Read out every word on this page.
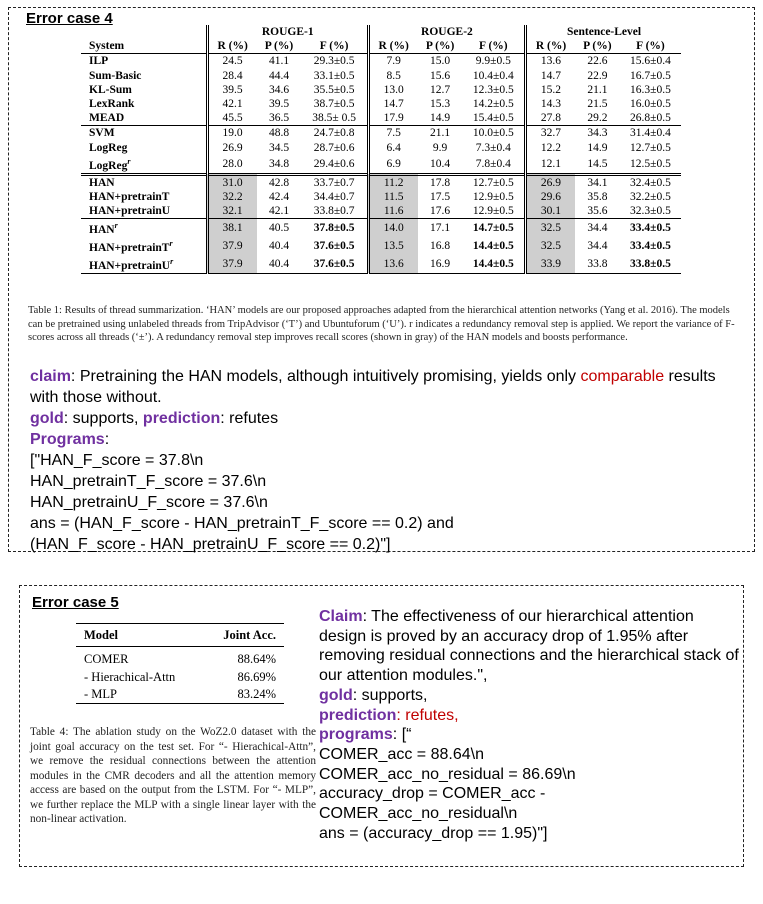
Error case 4
	ROUGE-1			ROUGE-2			Sentence-Level		
System	R (%)	P (%)	F (%)	R (%)	P (%)	F (%)	R (%)	P (%)	F (%)
ILP	24.5	41.1	29.3±0.5	7.9	15.0	9.9±0.5	13.6	22.6	15.6±0.4
Sum-Basic	28.4	44.4	33.1±0.5	8.5	15.6	10.4±0.4	14.7	22.9	16.7±0.5
KL-Sum	39.5	34.6	35.5±0.5	13.0	12.7	12.3±0.5	15.2	21.1	16.3±0.5
LexRank	42.1	39.5	38.7±0.5	14.7	15.3	14.2±0.5	14.3	21.5	16.0±0.5
MEAD	45.5	36.5	38.5± 0.5	17.9	14.9	15.4±0.5	27.8	29.2	26.8±0.5
SVM	19.0	48.8	24.7±0.8	7.5	21.1	10.0±0.5	32.7	34.3	31.4±0.4
LogReg	26.9	34.5	28.7±0.6	6.4	9.9	7.3±0.4	12.2	14.9	12.7±0.5
LogReg$^r$	28.0	34.8	29.4±0.6	6.9	10.4	7.8±0.4	12.1	14.5	12.5±0.5
HAN	31.0	42.8	33.7±0.7	11.2	17.8	12.7±0.5	26.9	34.1	32.4±0.5
HAN+pretrainT	32.2	42.4	34.4±0.7	11.5	17.5	12.9±0.5	29.6	35.8	32.2±0.5
HAN+pretrainU	32.1	42.1	33.8±0.7	11.6	17.6	12.9±0.5	30.1	35.6	32.3±0.5
HAN$^r$	38.1	40.5	37.8±0.5	14.0	17.1	14.7±0.5	32.5	34.4	33.4±0.5
HAN+pretrainT$^r$	37.9	40.4	37.6±0.5	13.5	16.8	14.4±0.5	32.5	34.4	33.4±0.5
HAN+pretrainU$^r$	37.9	40.4	37.6±0.5	13.6	16.9	14.4±0.5	33.9	33.8	33.8±0.5
Table 1: Results of thread summarization. ‘HAN’ models are our proposed approaches adapted from the hierarchical attention networks (Yang et al. 2016). The models can be pretrained using unlabeled threads from TripAdvisor (‘T’) and Ubuntuforum (‘U’). r indicates a redundancy removal step is applied. We report the variance of F-scores across all threads (‘±’). A redundancy removal step improves recall scores (shown in gray) of the HAN models and boosts performance.
claim: Pretraining the HAN models, although intuitively promising, yields only comparable results with those without.
gold: supports, prediction: refutes
Programs:
["HAN_F_score = 37.8\n
HAN_pretrainT_F_score = 37.6\n
HAN_pretrainU_F_score = 37.6\n
ans = (HAN_F_score - HAN_pretrainT_F_score == 0.2) and
(HAN_F_score - HAN_pretrainU_F_score == 0.2)"]
Error case 5
Model	Joint Acc.
COMER	88.64%
- Hierachical-Attn	86.69%
- MLP	83.24%
Table 4: The ablation study on the WoZ2.0 dataset with the joint goal accuracy on the test set. For “- Hierachical-Attn”, we remove the residual connections between the attention modules in the CMR decoders and all the attention memory access are based on the output from the LSTM. For “- MLP”, we further replace the MLP with a single linear layer with the non-linear activation.
Claim: The effectiveness of our hierarchical attention design is proved by an accuracy drop of 1.95% after removing residual connections and the hierarchical stack of our attention modules.",
gold: supports,
prediction: refutes,
programs: [“
COMER_acc = 88.64\n
COMER_acc_no_residual = 86.69\n
accuracy_drop = COMER_acc -
COMER_acc_no_residual\n
ans = (accuracy_drop == 1.95)"]
